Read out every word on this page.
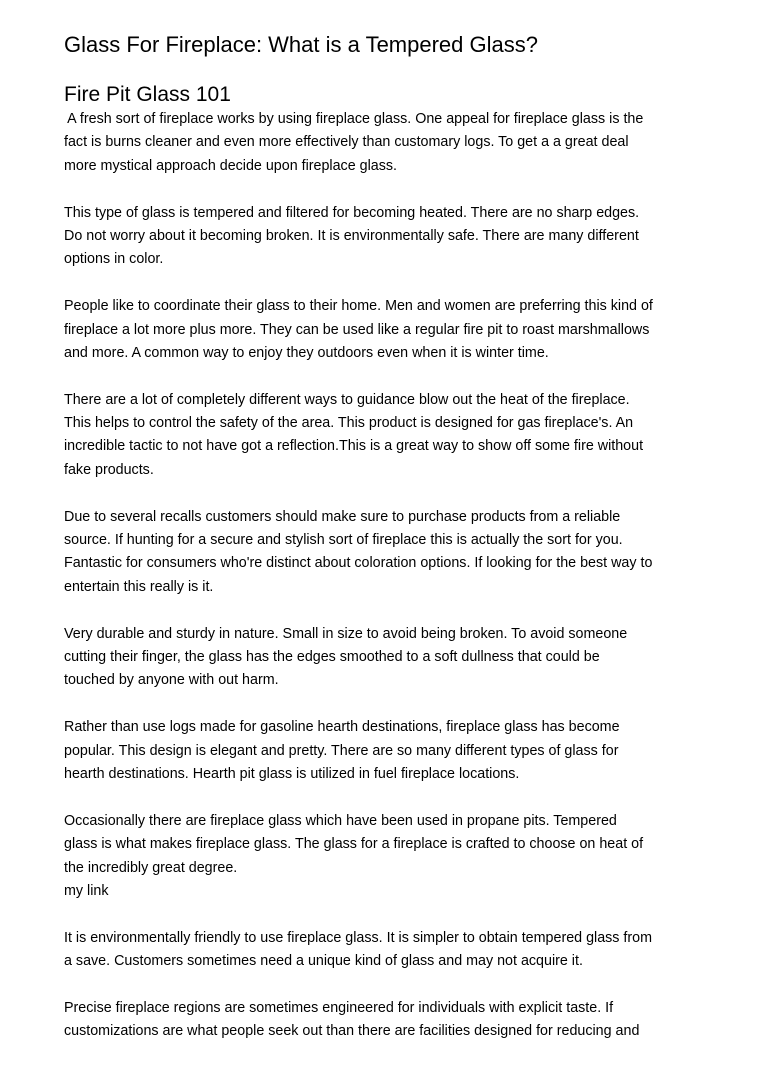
Glass For Fireplace: What is a Tempered Glass?
Fire Pit Glass 101
A fresh sort of fireplace works by using fireplace glass. One appeal for fireplace glass is the
fact is burns cleaner and even more effectively than customary logs. To get a a great deal
more mystical approach decide upon fireplace glass.
This type of glass is tempered and filtered for becoming heated. There are no sharp edges.
Do not worry about it becoming broken. It is environmentally safe. There are many different
options in color.
People like to coordinate their glass to their home. Men and women are preferring this kind of
fireplace a lot more plus more. They can be used like a regular fire pit to roast marshmallows
and more. A common way to enjoy they outdoors even when it is winter time.
There are a lot of completely different ways to guidance blow out the heat of the fireplace.
This helps to control the safety of the area. This product is designed for gas fireplace's. An
incredible tactic to not have got a reflection.This is a great way to show off some fire without
fake products.
Due to several recalls customers should make sure to purchase products from a reliable
source. If hunting for a secure and stylish sort of fireplace this is actually the sort for you.
Fantastic for consumers who're distinct about coloration options. If looking for the best way to
entertain this really is it.
Very durable and sturdy in nature. Small in size to avoid being broken. To avoid someone
cutting their finger, the glass has the edges smoothed to a soft dullness that could be
touched by anyone with out harm.
Rather than use logs made for gasoline hearth destinations, fireplace glass has become
popular. This design is elegant and pretty. There are so many different types of glass for
hearth destinations. Hearth pit glass is utilized in fuel fireplace locations.
Occasionally there are fireplace glass which have been used in propane pits. Tempered
glass is what makes fireplace glass. The glass for a fireplace is crafted to choose on heat of
the incredibly great degree.
my link
It is environmentally friendly to use fireplace glass. It is simpler to obtain tempered glass from
a save. Customers sometimes need a unique kind of glass and may not acquire it.
Precise fireplace regions are sometimes engineered for individuals with explicit taste. If
customizations are what people seek out than there are facilities designed for reducing and
